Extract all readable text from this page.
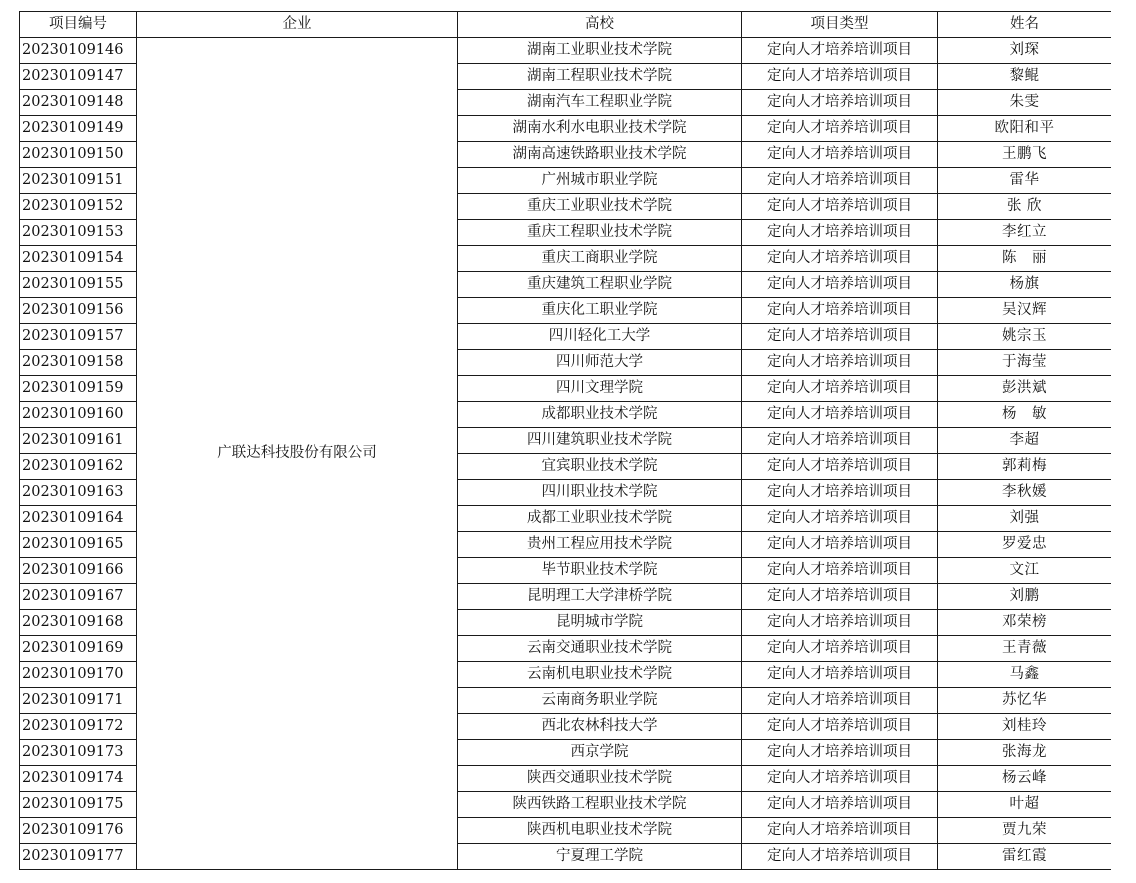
项目编号	企业	高校	项目类型	姓名
20230109146	广联达科技股份有限公司	湖南工业职业技术学院	定向人才培养培训项目	刘琛
20230109147		湖南工程职业技术学院	定向人才培养培训项目	黎鲲
20230109148		湖南汽车工程职业学院	定向人才培养培训项目	朱雯
20230109149		湖南水利水电职业技术学院	定向人才培养培训项目	欧阳和平
20230109150		湖南高速铁路职业技术学院	定向人才培养培训项目	王鹏飞
20230109151		广州城市职业学院	定向人才培养培训项目	雷华
20230109152		重庆工业职业技术学院	定向人才培养培训项目	张 欣
20230109153		重庆工程职业技术学院	定向人才培养培训项目	李红立
20230109154		重庆工商职业学院	定向人才培养培训项目	陈　丽
20230109155		重庆建筑工程职业学院	定向人才培养培训项目	杨旗
20230109156		重庆化工职业学院	定向人才培养培训项目	吴汉辉
20230109157		四川轻化工大学	定向人才培养培训项目	姚宗玉
20230109158		四川师范大学	定向人才培养培训项目	于海莹
20230109159		四川文理学院	定向人才培养培训项目	彭洪斌
20230109160		成都职业技术学院	定向人才培养培训项目	杨　敏
20230109161		四川建筑职业技术学院	定向人才培养培训项目	李超
20230109162		宜宾职业技术学院	定向人才培养培训项目	郭莉梅
20230109163		四川职业技术学院	定向人才培养培训项目	李秋媛
20230109164		成都工业职业技术学院	定向人才培养培训项目	刘强
20230109165		贵州工程应用技术学院	定向人才培养培训项目	罗爱忠
20230109166		毕节职业技术学院	定向人才培养培训项目	文江
20230109167		昆明理工大学津桥学院	定向人才培养培训项目	刘鹏
20230109168		昆明城市学院	定向人才培养培训项目	邓荣榜
20230109169		云南交通职业技术学院	定向人才培养培训项目	王青薇
20230109170		云南机电职业技术学院	定向人才培养培训项目	马鑫
20230109171		云南商务职业学院	定向人才培养培训项目	苏忆华
20230109172		西北农林科技大学	定向人才培养培训项目	刘桂玲
20230109173		西京学院	定向人才培养培训项目	张海龙
20230109174		陕西交通职业技术学院	定向人才培养培训项目	杨云峰
20230109175		陕西铁路工程职业技术学院	定向人才培养培训项目	叶超
20230109176		陕西机电职业技术学院	定向人才培养培训项目	贾九荣
20230109177		宁夏理工学院	定向人才培养培训项目	雷红霞
